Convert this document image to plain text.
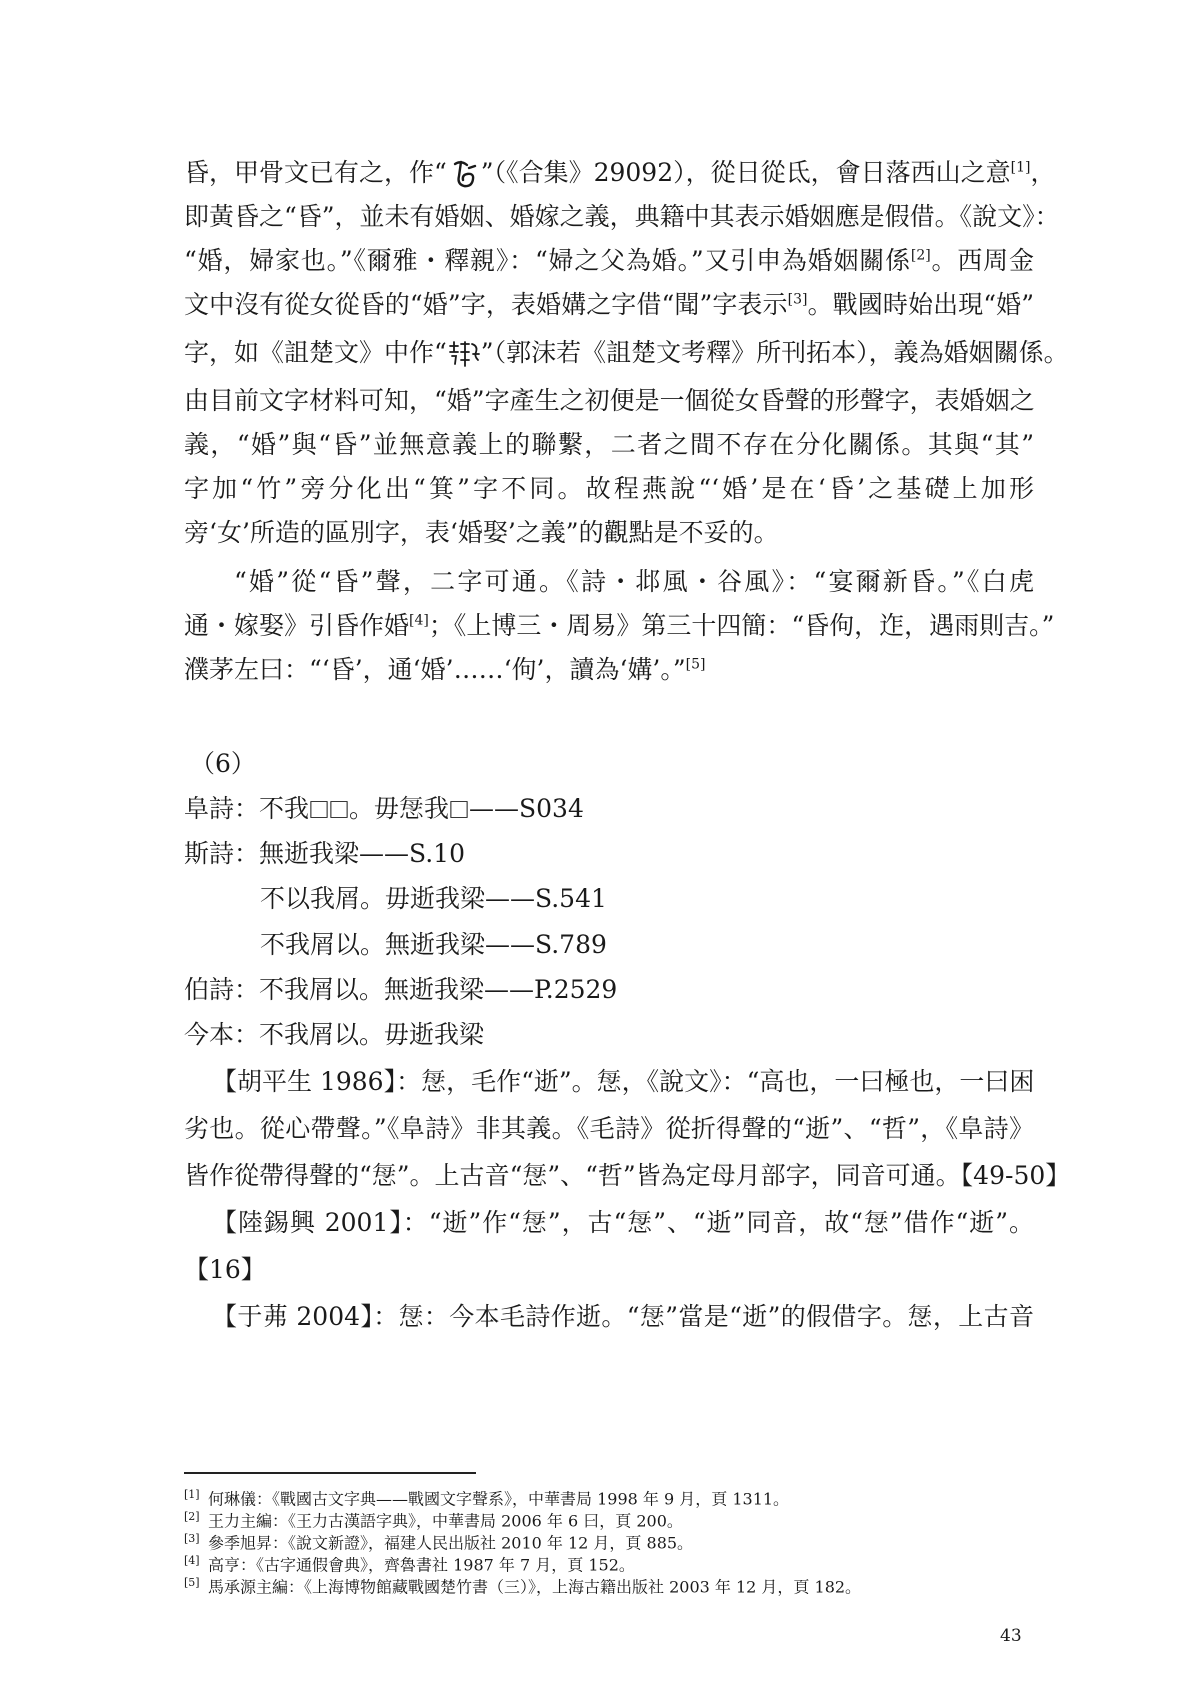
昏，甲骨文已有之，作“ ”（《合集》29092），從日從氐，會日落西山之意[1]，
即黃昏之“昏”，並未有婚姻、婚嫁之義，典籍中其表示婚姻應是假借。《說文》：
“婚，婦家也。”《爾雅・釋親》：“婦之父為婚。”又引申為婚姻關係[2]。西周金
文中沒有從女從昏的“婚”字，表婚媾之字借“聞”字表示[3]。戰國時始出現“婚”
字，如《詛楚文》中作“ ”（郭沫若《詛楚文考釋》所刊拓本），義為婚姻關係。
由目前文字材料可知，“婚”字產生之初便是一個從女昏聲的形聲字，表婚姻之
義，“婚”與“昏”並無意義上的聯繫，二者之間不存在分化關係。其與“其”
字加“竹”旁分化出“箕”字不同。故程燕說“‘婚’是在‘昏’之基礎上加形
旁‘女’所造的區別字，表‘婚娶’之義”的觀點是不妥的。
“婚”從“昏”聲，二字可通。《詩・邶風・谷風》：“宴爾新昏。”《白虎
通・嫁娶》引昏作婚[4]；《上博三・周易》第三十四簡：“昏佝，迮，遇雨則吉。”
濮茅左曰：“‘昏’，通‘婚’……‘佝’，讀為‘媾’。”[5]
（6）
阜詩：不我☐☐。毋𢙽我☐——S034
斯詩：無逝我梁——S.10
不以我屑。毋逝我梁——S.541
不我屑以。無逝我梁——S.789
伯詩：不我屑以。無逝我梁——P.2529
今本：不我屑以。毋逝我梁
【胡平生 1986】：𢙽，毛作“逝”。𢙽，《說文》：“高也，一曰極也，一曰困
劣也。從心帶聲。”《阜詩》非其義。《毛詩》從折得聲的“逝”、“哲”，《阜詩》
皆作從帶得聲的“𢙽”。上古音“𢙽”、“哲”皆為定母月部字，同音可通。【49-50】
【陸錫興 2001】：“逝”作“𢙽”，古“𢙽”、“逝”同音，故“𢙽”借作“逝”。
【16】
【于茀 2004】：𢙽：今本毛詩作逝。“𢙽”當是“逝”的假借字。𢙽，上古音
[1] 何琳儀：《戰國古文字典——戰國文字聲系》，中華書局 1998 年 9 月，頁 1311。
[2] 王力主編：《王力古漢語字典》，中華書局 2006 年 6 曰，頁 200。
[3] 參季旭昇：《說文新證》，福建人民出版社 2010 年 12 月，頁 885。
[4] 高亨：《古字通假會典》，齊魯書社 1987 年 7 月，頁 152。
[5] 馬承源主編：《上海博物館藏戰國楚竹書（三）》，上海古籍出版社 2003 年 12 月，頁 182。
43
